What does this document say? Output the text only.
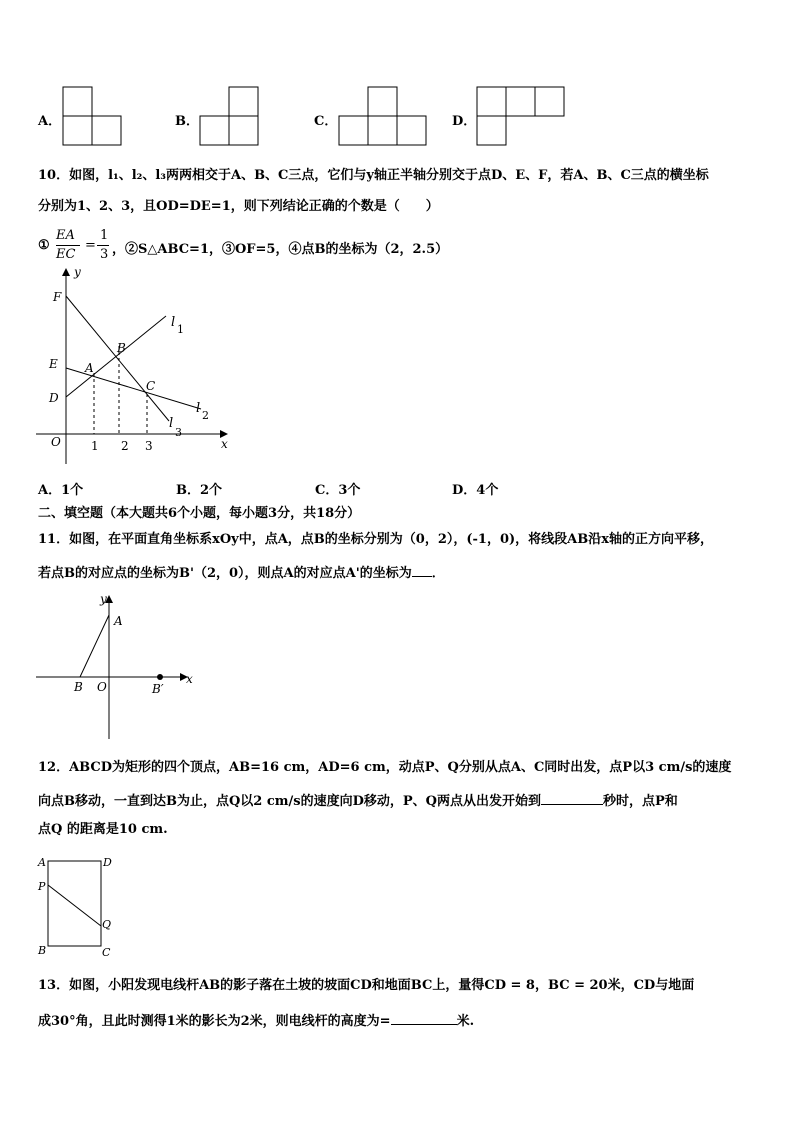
A．	B．	C．	D．
10．如图，l₁、l₂、l₃两两相交于A、B、C三点，它们与y轴正半轴分别交于点D、E、F，若A、B、C三点的横坐标
分别为1、2、3，且OD=DE=1，则下列结论正确的个数是（　　）
①
EA
EC
=
1
3 ，②S△ABC=1，③OF=5，④点B的坐标为（2，2.5）
y
x
F
E
D
O
A
B
C
l 1
l 2
l
3
1 2 3
A．1个	B．2个	C．3个	D．4个
二、填空题（本大题共6个小题，每小题3分，共18分）
11．如图，在平面直角坐标系xOy中，点A，点B的坐标分别为（0，2），(-1，0)，将线段AB沿x轴的正方向平移，
若点B的对应点的坐标为B'（2，0），则点A的对应点A'的坐标为 ．
y
x
A
B O	B′
12．ABCD为矩形的四个顶点，AB=16 cm，AD=6 cm，动点P、Q分别从点A、C同时出发，点P以3 cm/s的速度
向点B移动，一直到达B为止，点Q以2 cm/s的速度向D移动，P、Q两点从出发开始到	秒时，点P和
点Q 的距离是10 cm.
A	D
P
Q
B	C
13．如图，小阳发现电线杆AB的影子落在土坡的坡面CD和地面BC上，量得CD = 8，BC = 20米，CD与地面
成30°角，且此时测得1米的影长为2米，则电线杆的高度为=	米.
